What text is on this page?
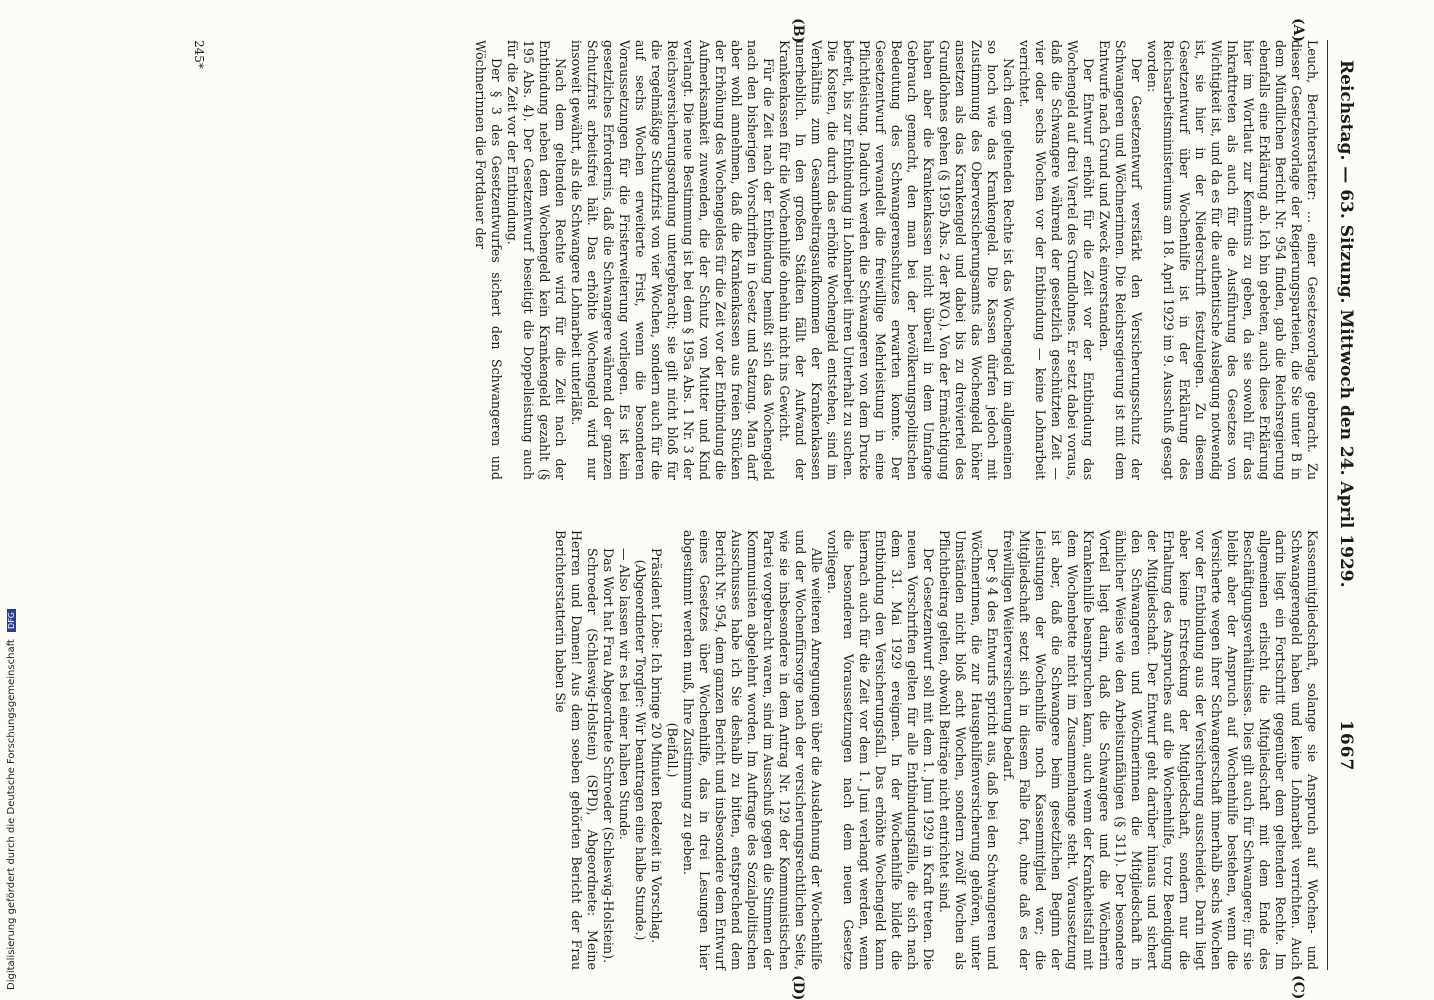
Digitalisierung gefördert durch die Deutsche Forschungsgemeinschaft DFG
Reichstag. — 63. Sitzung. Mittwoch den 24. April 1929.
1667
(A)
(B)
(C)
(D)

Leuch, Berichterstatter: ... einer Gesetzesvorlage gebracht. Zu dieser Gesetzesvorlage der Regierungsparteien, die Sie unter B in dem Mündlichen Bericht Nr. 954 finden, gab die Reichsregierung ebenfalls eine Erklärung ab. Ich bin gebeten, auch diese Erklärung hier im Wortlaut zur Kenntnis zu geben, da sie sowohl für das Inkrafttreten als auch für die Ausführung des Gesetzes von Wichtigkeit ist, und da es für die authentische Auslegung notwendig ist, sie hier in der Niederschrift festzulegen. Zu diesem Gesetzentwurf über Wochenhilfe ist in der Erklärung des Reichsarbeitsministeriums am 18. April 1929 im 9. Ausschuß gesagt worden:

Der Gesetzentwurf verstärkt den Versicherungsschutz der Schwangeren und Wöchnerinnen. Die Reichsregierung ist mit dem Entwurfe nach Grund und Zweck einverstanden.

Der Entwurf erhöht für die Zeit vor der Entbindung das Wochengeld auf drei Viertel des Grundlohnes. Er setzt dabei voraus, daß die Schwangere während der gesetzlich geschützten Zeit — vier oder sechs Wochen vor der Entbindung — keine Lohnarbeit verrichtet.

Nach dem geltenden Rechte ist das Wochengeld im allgemeinen so hoch wie das Krankengeld. Die Kassen dürfen jedoch mit Zustimmung des Oberversicherungsamts das Wochengeld höher ansetzen als das Krankengeld und dabei bis zu dreiviertel des Grundlohnes gehen (§ 195b Abs. 2 der RVO.). Von der Ermächtigung haben aber die Krankenkassen nicht überall in dem Umfange Gebrauch gemacht, den man bei der bevölkerungspolitischen Bedeutung des Schwangerenschutzes erwarten konnte. Der Gesetzentwurf verwandelt die freiwillige Mehrleistung in eine Pflichtleistung. Dadurch werden die Schwangeren von dem Drucke befreit, bis zur Entbindung in Lohnarbeit ihren Unterhalt zu suchen. Die Kosten, die durch das erhöhte Wochengeld entstehen, sind im Verhältnis zum Gesamtbeitragsaufkommen der Krankenkassen unerheblich. In den großen Städten fällt der Aufwand der Krankenkassen für die Wochenhilfe ohnehin nicht ins Gewicht.

Für die Zeit nach der Entbindung bemißt sich das Wochengeld nach den bisherigen Vorschriften in Gesetz und Satzung. Man darf aber wohl annehmen, daß die Krankenkassen aus freien Stücken der Erhöhung des Wochengeldes für die Zeit vor der Entbindung die Aufmerksamkeit zuwenden, die der Schutz von Mutter und Kind verlangt. Die neue Bestimmung ist bei dem § 195a Abs. 1 Nr. 3 der Reichsversicherungsordnung untergebracht; sie gilt nicht bloß für die regelmäßige Schutzfrist von vier Wochen, sondern auch für die auf sechs Wochen erweiterte Frist, wenn die besonderen Voraussetzungen für die Fristerweiterung vorliegen. Es ist kein gesetzliches Erfordernis, daß die Schwangere während der ganzen Schutzfrist arbeitsfrei hält. Das erhöhte Wochengeld wird nur insoweit gewährt, als die Schwangere Lohnarbeit unterläßt.

Nach dem geltenden Rechte wird für die Zeit nach der Entbindung neben dem Wochengeld kein Krankengeld gezahlt (§ 195 Abs. 4). Der Gesetzentwurf beseitigt die Doppelleistung auch für die Zeit vor der Entbindung.

Der § 3 des Gesetzentwurfes sichert den Schwangeren und Wöchnerinnen die Fortdauer der

Kassenmitgliedschaft, solange sie Anspruch auf Wochen- und Schwangerengeld haben und keine Lohnarbeit verrichten. Auch darin liegt ein Fortschritt gegenüber dem geltenden Rechte. Im allgemeinen erlischt die Mitgliedschaft mit dem Ende des Beschäftigungsverhältnisses. Dies gilt auch für Schwangere; für sie bleibt aber der Anspruch auf Wochenhilfe bestehen, wenn die Versicherte wegen ihrer Schwangerschaft innerhalb sechs Wochen vor der Entbindung aus der Versicherung ausscheidet. Darin liegt aber keine Erstreckung der Mitgliedschaft, sondern nur die Erhaltung des Anspruches auf die Wochenhilfe, trotz Beendigung der Mitgliedschaft. Der Entwurf geht darüber hinaus und sichert den Schwangeren und Wöchnerinnen die Mitgliedschaft in ähnlicher Weise wie den Arbeitsunfähigen (§ 311). Der besondere Vorteil liegt darin, daß die Schwangere und die Wöchnerin Krankenhilfe beanspruchen kann, auch wenn der Krankheitsfall mit dem Wochenbette nicht im Zusammenhange steht. Voraussetzung ist aber, daß die Schwangere beim gesetzlichen Beginn der Leistungen der Wochenhilfe noch Kassenmitglied war; die Mitgliedschaft setzt sich in diesem Falle fort, ohne daß es der freiwilligen Weiterversicherung bedarf.

Der § 4 des Entwurfs spricht aus, daß bei den Schwangeren und Wöchnerinnen, die zur Hausgehilfenversicherung gehören, unter Umständen nicht bloß acht Wochen, sondern zwölf Wochen als Pflichtbeitrag gelten, obwohl Beiträge nicht entrichtet sind.

Der Gesetzentwurf soll mit dem 1. Juni 1929 in Kraft treten. Die neuen Vorschriften gelten für alle Entbindungsfälle, die sich nach dem 31. Mai 1929 ereignen. In der Wochenhilfe bildet die Entbindung den Versicherungsfall. Das erhöhte Wochengeld kann hiernach auch für die Zeit vor dem 1. Juni verlangt werden, wenn die besonderen Voraussetzungen nach dem neuen Gesetze vorliegen.

Alle weiteren Anregungen über die Ausdehnung der Wochenhilfe und der Wochenfürsorge nach der versicherungsrechtlichen Seite, wie sie insbesondere in dem Antrag Nr. 129 der Kommunistischen Partei vorgebracht waren, sind im Ausschuß gegen die Stimmen der Kommunisten abgelehnt worden. Im Auftrage des Sozialpolitischen Ausschusses habe ich Sie deshalb zu bitten, entsprechend dem Bericht Nr. 954, dem ganzen Bericht und insbesondere dem Entwurf eines Gesetzes über Wochenhilfe, das in drei Lesungen hier abgestimmt werden muß, Ihre Zustimmung zu geben.

(Beifall.)

Präsident Löbe: Ich bringe 20 Minuten Redezeit in Vorschlag.

(Abgeordneter Torgler: Wir beantragen eine halbe Stunde.)

— Also lassen wir es bei einer halben Stunde.

Das Wort hat Frau Abgeordnete Schroeder (Schleswig-Holstein).

Schroeder (Schleswig-Holstein) (SPD), Abgeordnete: Meine Herren und Damen! Aus dem soeben gehörten Bericht der Frau Berichterstatterin haben Sie

245*
